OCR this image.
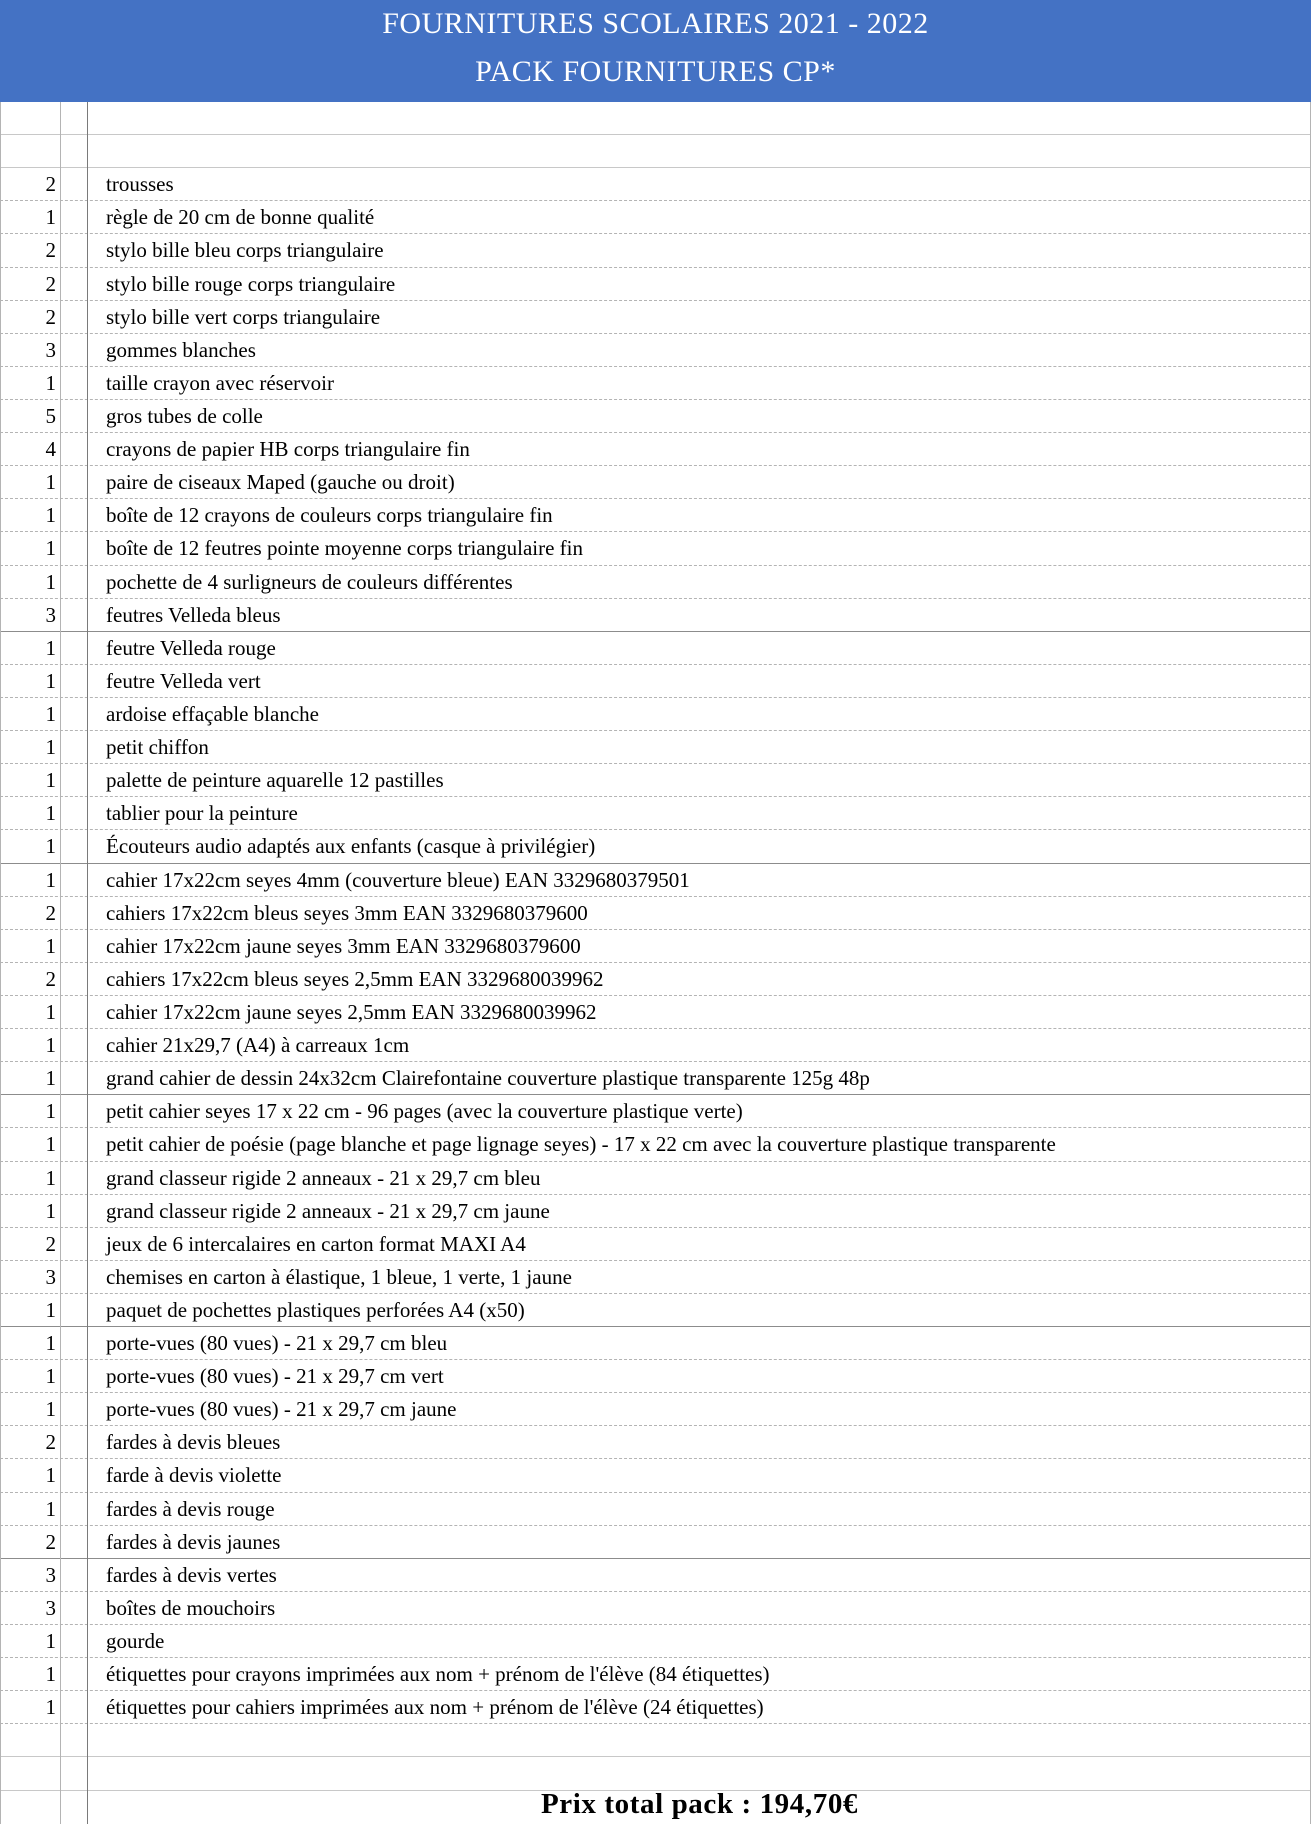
FOURNITURES SCOLAIRES 2021 - 2022
PACK FOURNITURES CP*
2 trousses
1 règle de 20 cm de bonne qualité
2 stylo bille bleu corps triangulaire
2 stylo bille rouge corps triangulaire
2 stylo bille vert corps triangulaire
3 gommes blanches
1 taille crayon avec réservoir
5 gros tubes de colle
4 crayons de papier HB corps triangulaire fin
1 paire de ciseaux Maped (gauche ou droit)
1 boîte de 12 crayons de couleurs corps triangulaire fin
1 boîte de 12 feutres pointe moyenne corps triangulaire fin
1 pochette de 4 surligneurs de couleurs différentes
3 feutres Velleda bleus
1 feutre Velleda rouge
1 feutre Velleda vert
1 ardoise effaçable blanche
1 petit chiffon
1 palette de peinture aquarelle 12 pastilles
1 tablier pour la peinture
1 Écouteurs audio adaptés aux enfants (casque à privilégier)
1 cahier 17x22cm seyes 4mm (couverture bleue) EAN 3329680379501
2 cahiers 17x22cm bleus seyes 3mm EAN 3329680379600
1 cahier 17x22cm jaune seyes 3mm EAN 3329680379600
2 cahiers 17x22cm bleus seyes 2,5mm EAN 3329680039962
1 cahier 17x22cm jaune seyes 2,5mm EAN 3329680039962
1 cahier 21x29,7 (A4) à carreaux 1cm
1 grand cahier de dessin 24x32cm Clairefontaine couverture plastique transparente 125g 48p
1 petit cahier seyes 17 x 22 cm - 96 pages (avec la couverture plastique verte)
1 petit cahier de poésie (page blanche et page lignage seyes) - 17 x 22 cm avec la couverture plastique transparente
1 grand classeur rigide 2 anneaux - 21 x 29,7 cm bleu
1 grand classeur rigide 2 anneaux - 21 x 29,7 cm jaune
2 jeux de 6 intercalaires en carton format MAXI A4
3 chemises en carton à élastique, 1 bleue, 1 verte, 1 jaune
1 paquet de pochettes plastiques perforées A4 (x50)
1 porte-vues (80 vues) - 21 x 29,7 cm bleu
1 porte-vues (80 vues) - 21 x 29,7 cm vert
1 porte-vues (80 vues) - 21 x 29,7 cm jaune
2 fardes à devis bleues
1 farde à devis violette
1 fardes à devis rouge
2 fardes à devis jaunes
3 fardes à devis vertes
3 boîtes de mouchoirs
1 gourde
1 étiquettes pour crayons imprimées aux nom + prénom de l'élève (84 étiquettes)
1 étiquettes pour cahiers imprimées aux nom + prénom de l'élève (24 étiquettes)
Prix total pack : 194,70€
